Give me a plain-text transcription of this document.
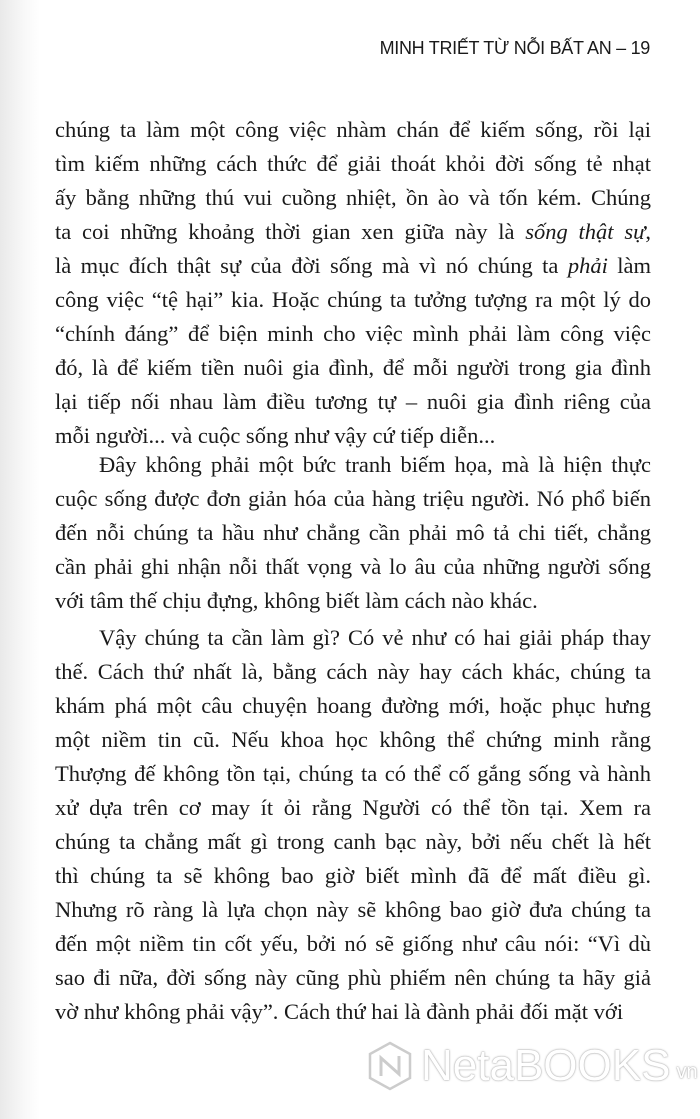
MINH TRIẾT TỪ NỖI BẤT AN – 19
chúng ta làm một công việc nhàm chán để kiếm sống, rồi lại
tìm kiếm những cách thức để giải thoát khỏi đời sống tẻ nhạt
ấy bằng những thú vui cuồng nhiệt, ồn ào và tốn kém. Chúng
ta coi những khoảng thời gian xen giữa này là sống thật sự,
là mục đích thật sự của đời sống mà vì nó chúng ta phải làm
công việc “tệ hại” kia. Hoặc chúng ta tưởng tượng ra một lý do
“chính đáng” để biện minh cho việc mình phải làm công việc
đó, là để kiếm tiền nuôi gia đình, để mỗi người trong gia đình
lại tiếp nối nhau làm điều tương tự – nuôi gia đình riêng của
mỗi người... và cuộc sống như vậy cứ tiếp diễn...
Đây không phải một bức tranh biếm họa, mà là hiện thực
cuộc sống được đơn giản hóa của hàng triệu người. Nó phổ biến
đến nỗi chúng ta hầu như chẳng cần phải mô tả chi tiết, chẳng
cần phải ghi nhận nỗi thất vọng và lo âu của những người sống
với tâm thế chịu đựng, không biết làm cách nào khác.
Vậy chúng ta cần làm gì? Có vẻ như có hai giải pháp thay
thế. Cách thứ nhất là, bằng cách này hay cách khác, chúng ta
khám phá một câu chuyện hoang đường mới, hoặc phục hưng
một niềm tin cũ. Nếu khoa học không thể chứng minh rằng
Thượng đế không tồn tại, chúng ta có thể cố gắng sống và hành
xử dựa trên cơ may ít ỏi rằng Người có thể tồn tại. Xem ra
chúng ta chẳng mất gì trong canh bạc này, bởi nếu chết là hết
thì chúng ta sẽ không bao giờ biết mình đã để mất điều gì.
Nhưng rõ ràng là lựa chọn này sẽ không bao giờ đưa chúng ta
đến một niềm tin cốt yếu, bởi nó sẽ giống như câu nói: “Vì dù
sao đi nữa, đời sống này cũng phù phiếm nên chúng ta hãy giả
vờ như không phải vậy”. Cách thứ hai là đành phải đối mặt với
NetaBOOKS vn
